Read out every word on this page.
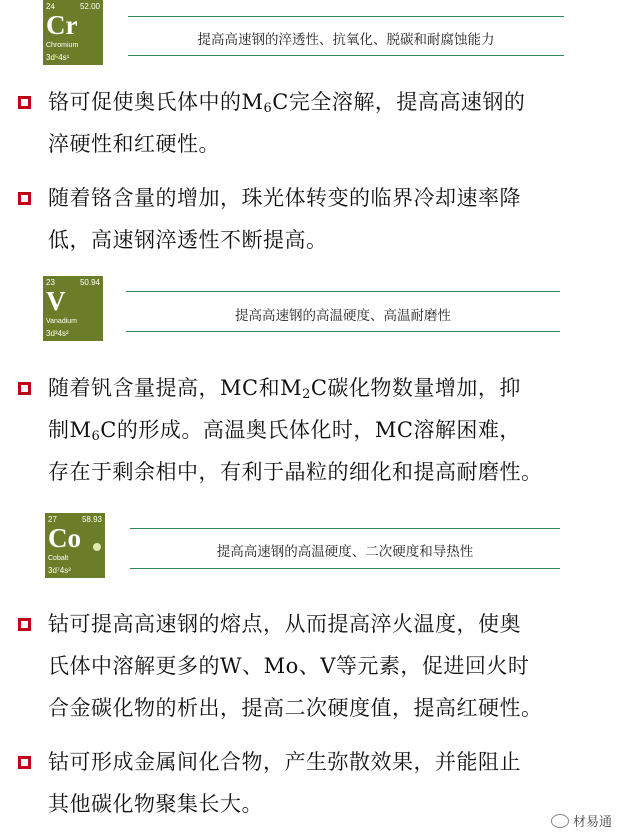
24	52.00
Cr
Chromium
3d⁵4s¹
提高高速钢的淬透性、抗氧化、脱碳和耐腐蚀能力
铬可促使奥氏体中的$M_6C$完全溶解，提高高速钢的
淬硬性和红硬性。
随着铬含量的增加，珠光体转变的临界冷却速率降
低，高速钢淬透性不断提高。
23	50.94
V
Vanadium
3d³4s²
提高高速钢的高温硬度、高温耐磨性
随着钒含量提高，MC和$M_2C$碳化物数量增加，抑
制$M_6C$的形成。高温奥氏体化时，MC溶解困难，
存在于剩余相中，有利于晶粒的细化和提高耐磨性。
27	58.93
Co
Cobalt
3d⁷4s²
提高高速钢的高温硬度、二次硬度和导热性
钴可提高高速钢的熔点，从而提高淬火温度，使奥
氏体中溶解更多的W、Mo、V等元素，促进回火时
合金碳化物的析出，提高二次硬度值，提高红硬性。
钴可形成金属间化合物，产生弥散效果，并能阻止
其他碳化物聚集长大。
材易通
